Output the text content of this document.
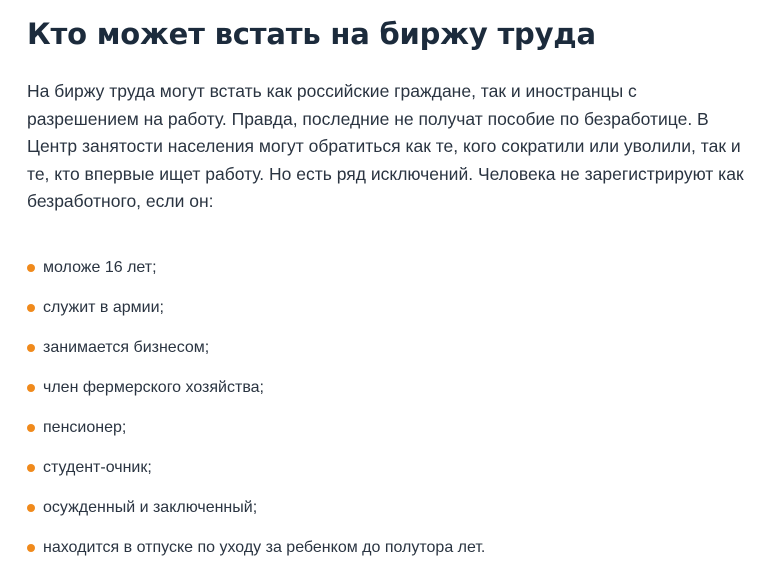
Кто может встать на биржу труда

На биржу труда могут встать как российские граждане, так и иностранцы с
разрешением на работу. Правда, последние не получат пособие по безработице. В
Центр занятости населения могут обратиться как те, кого сократили или уволили, так и
те, кто впервые ищет работу. Но есть ряд исключений. Человека не зарегистрируют как
безработного, если он:

моложе 16 лет;
служит в армии;
занимается бизнесом;
член фермерского хозяйства;
пенсионер;
студент-очник;
осужденный и заключенный;
находится в отпуске по уходу за ребенком до полутора лет.
